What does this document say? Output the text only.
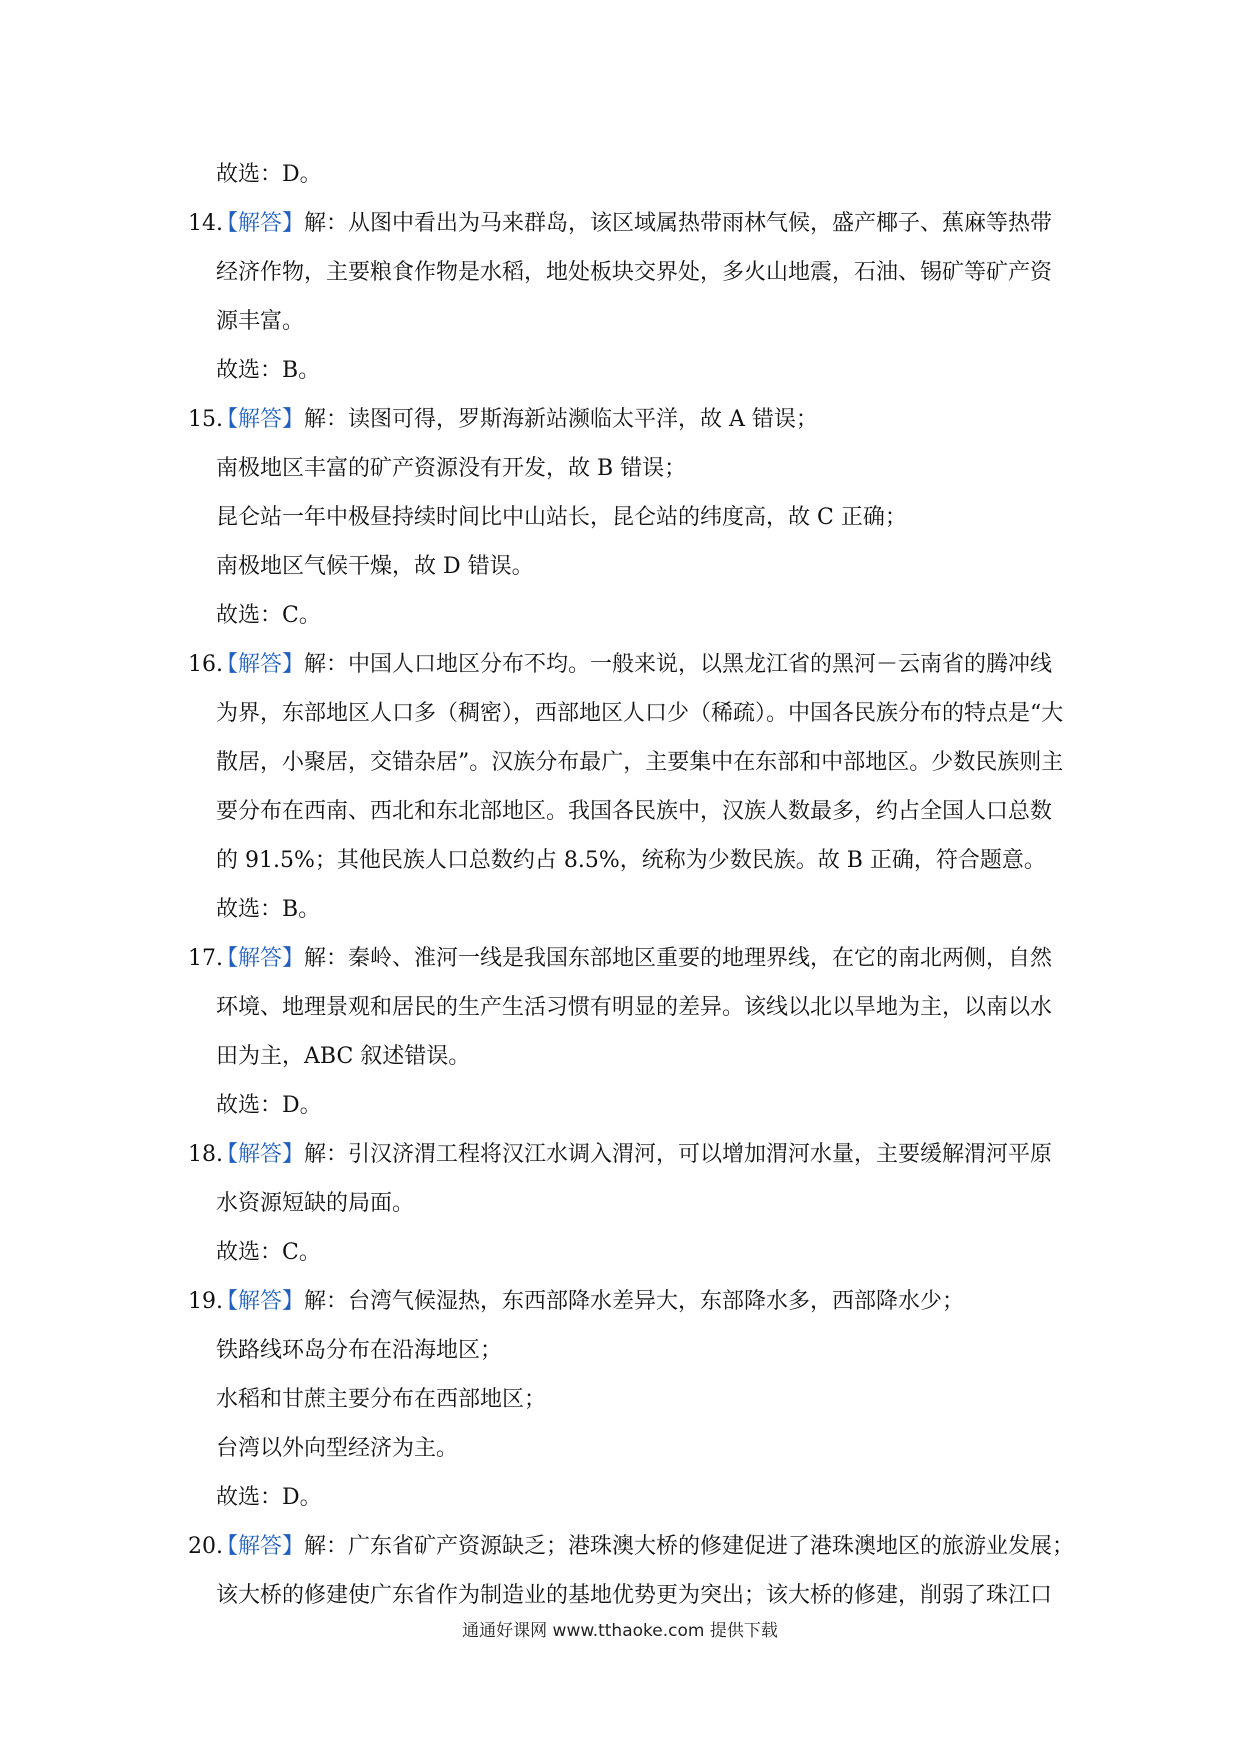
故选：D。
14.【解答】解：从图中看出为马来群岛，该区域属热带雨林气候，盛产椰子、蕉麻等热带
经济作物，主要粮食作物是水稻，地处板块交界处，多火山地震，石油、锡矿等矿产资
源丰富。
故选：B。
15.【解答】解：读图可得，罗斯海新站濒临太平洋，故 A 错误；
南极地区丰富的矿产资源没有开发，故 B 错误；
昆仑站一年中极昼持续时间比中山站长，昆仑站的纬度高，故 C 正确；
南极地区气候干燥，故 D 错误。
故选：C。
16.【解答】解：中国人口地区分布不均。一般来说，以黑龙江省的黑河－云南省的腾冲线
为界，东部地区人口多（稠密），西部地区人口少（稀疏）。中国各民族分布的特点是“大
散居，小聚居，交错杂居”。汉族分布最广，主要集中在东部和中部地区。少数民族则主
要分布在西南、西北和东北部地区。我国各民族中，汉族人数最多，约占全国人口总数
的 91.5%；其他民族人口总数约占 8.5%，统称为少数民族。故 B 正确，符合题意。
故选：B。
17.【解答】解：秦岭、淮河一线是我国东部地区重要的地理界线，在它的南北两侧，自然
环境、地理景观和居民的生产生活习惯有明显的差异。该线以北以旱地为主，以南以水
田为主，ABC 叙述错误。
故选：D。
18.【解答】解：引汉济渭工程将汉江水调入渭河，可以增加渭河水量，主要缓解渭河平原
水资源短缺的局面。
故选：C。
19.【解答】解：台湾气候湿热，东西部降水差异大，东部降水多，西部降水少；
铁路线环岛分布在沿海地区；
水稻和甘蔗主要分布在西部地区；
台湾以外向型经济为主。
故选：D。
20.【解答】解：广东省矿产资源缺乏；港珠澳大桥的修建促进了港珠澳地区的旅游业发展；
该大桥的修建使广东省作为制造业的基地优势更为突出；该大桥的修建，削弱了珠江口
通通好课网 www.tthaoke.com 提供下载
